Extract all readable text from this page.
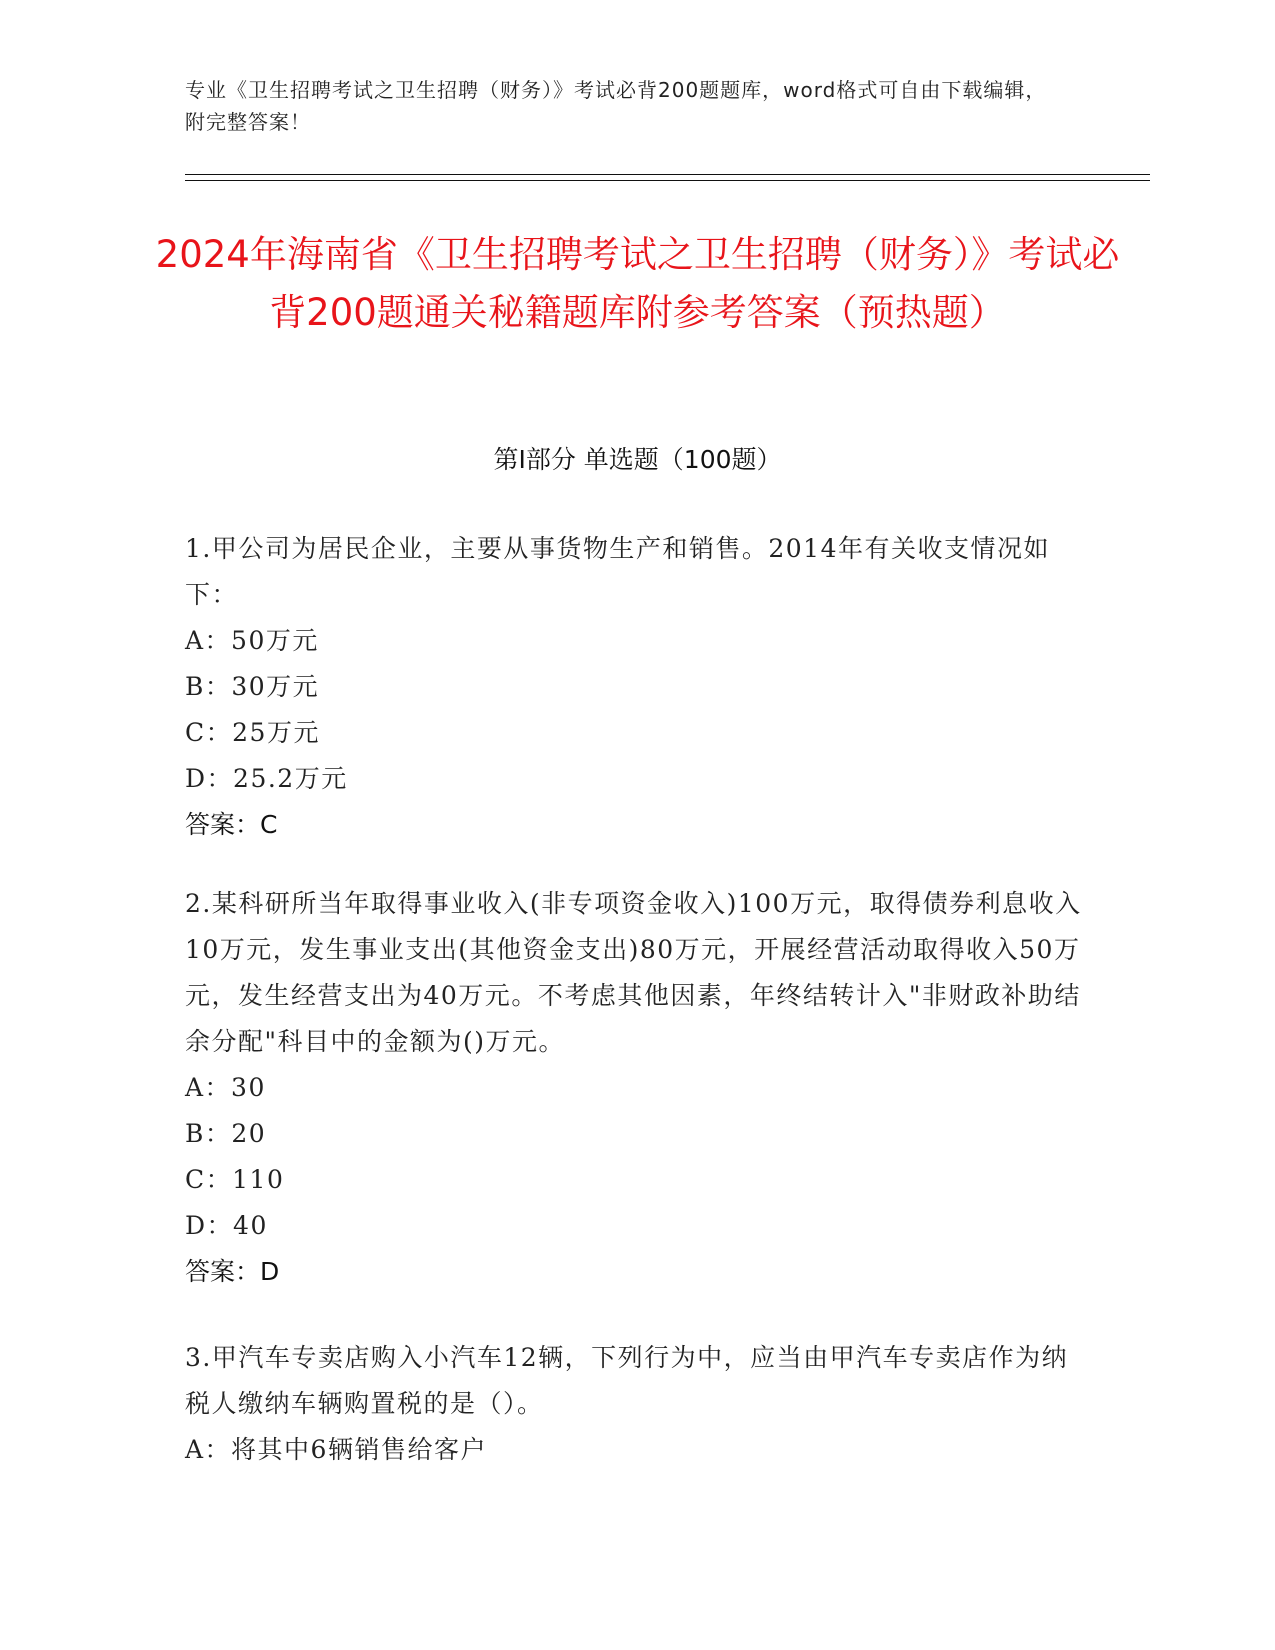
专业《卫生招聘考试之卫生招聘（财务）》考试必背200题题库，word格式可自由下载编辑，附完整答案！
2024年海南省《卫生招聘考试之卫生招聘（财务）》考试必背200题通关秘籍题库附参考答案（预热题）
第I部分 单选题（100题）
1.甲公司为居民企业，主要从事货物生产和销售。2014年有关收支情况如下：
A：50万元
B：30万元
C：25万元
D：25.2万元
答案：C
2.某科研所当年取得事业收入(非专项资金收入)100万元，取得债券利息收入10万元，发生事业支出(其他资金支出)80万元，开展经营活动取得收入50万元，发生经营支出为40万元。不考虑其他因素，年终结转计入"非财政补助结余分配"科目中的金额为()万元。
A：30
B：20
C：110
D：40
答案：D
3.甲汽车专卖店购入小汽车12辆，下列行为中，应当由甲汽车专卖店作为纳税人缴纳车辆购置税的是（）。
A：将其中6辆销售给客户
